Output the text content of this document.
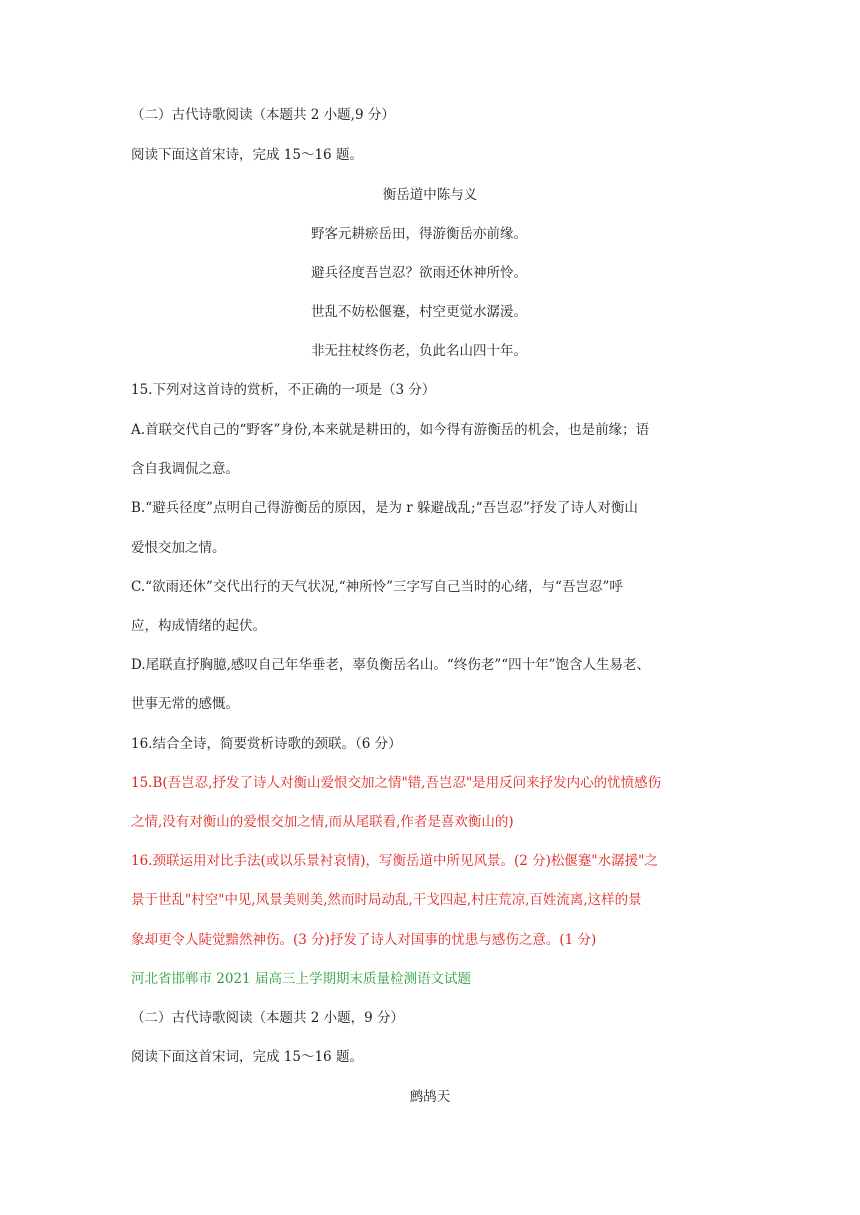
（二）古代诗歌阅读（本题共 2 小题,9 分）
阅读下面这首宋诗，完成 15～16 题。
衡岳道中陈与义
野客元耕瘀岳田，得游衡岳亦前缘。
避兵径度吾岂忍？欲雨还休神所怜。
世乱不妨松偃蹇，村空更觉水潺湲。
非无拄杖终伤老，负此名山四十年。
15.下列对这首诗的赏析，不正确的一项是（3 分）
A.首联交代自己的“野客”身份,本来就是耕田的，如今得有游衡岳的机会，也是前缘；语
含自我调侃之意。
B.“避兵径度”点明自己得游衡岳的原因，是为 r 躲避战乱;“吾岂忍”抒发了诗人对衡山
爱恨交加之情。
C.“欲雨还休”交代出行的天气状况,“神所怜”三字写自己当时的心绪，与“吾岂忍”呼
应，构成情绪的起伏。
D.尾联直抒胸臆,感叹自己年华垂老，辜负衡岳名山。“终伤老”“四十年”饱含人生易老、
世事无常的感慨。
16.结合全诗，简要赏析诗歌的颈联。（6 分）
15.B(吾岂忍,抒发了诗人对衡山爱恨交加之情"错,吾岂忍"是用反问来抒发内心的忧愤感伤
之情,没有对衡山的爱恨交加之情,而从尾联看,作者是喜欢衡山的)
16.颈联运用对比手法(或以乐景衬哀情)，写衡岳道中所见风景。(2 分)松偃蹇"水潺援"之
景于世乱"村空"中见,风景美则美,然而时局动乱,干戈四起,村庄荒凉,百姓流离,这样的景
象却更令人陡觉黯然神伤。(3 分)抒发了诗人对国事的忧患与感伤之意。(1 分)
河北省邯郸市 2021 届高三上学期期末质量检测语文试题
（二）古代诗歌阅读（本题共 2 小题，9 分）
阅读下面这首宋词，完成 15～16 题。
鹧鸪天
